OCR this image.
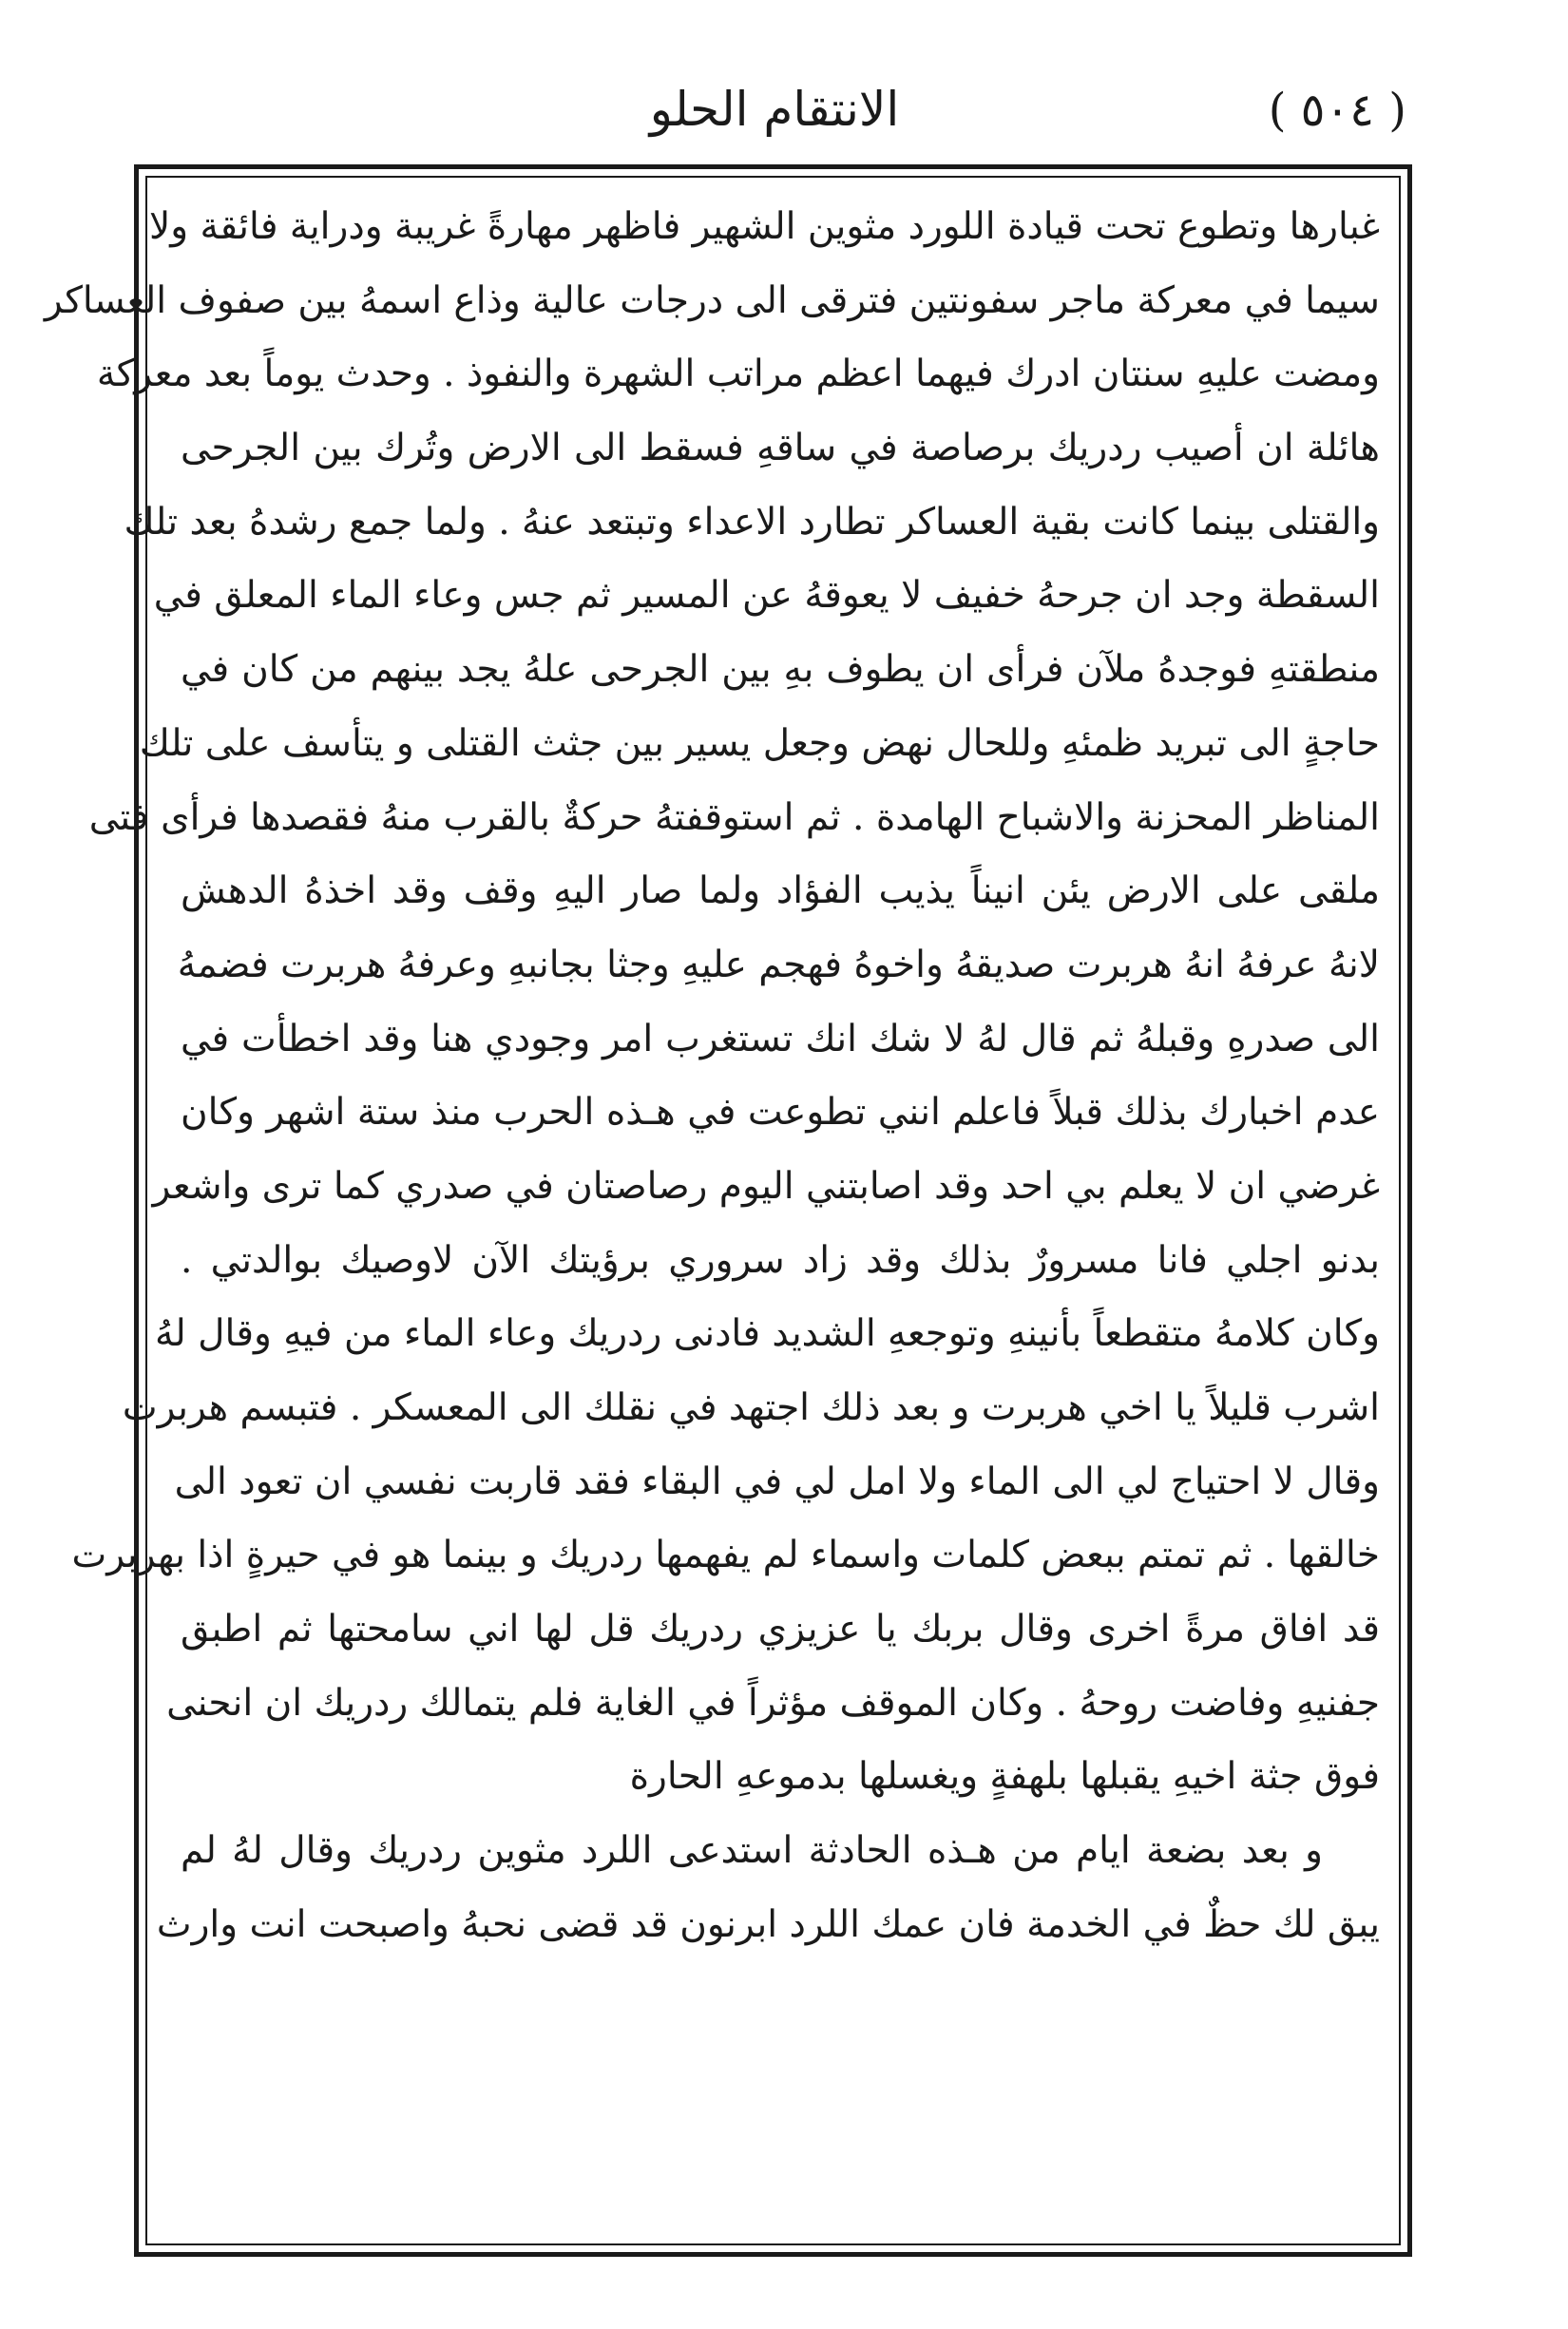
( ٥٠٤ )
الانتقام الحلو
غبارها وتطوع تحت قيادة اللورد مثوين الشهير فاظهر مهارةً غريبة ودراية فائقة ولا
سيما في معركة ماجر سفونتين فترقى الى درجات عالية وذاع اسمهُ بين صفوف العساكر
ومضت عليهِ سنتان ادرك فيهما اعظم مراتب الشهرة والنفوذ . وحدث يوماً بعد معركة
هائلة ان أصيب ردريك برصاصة في ساقهِ فسقط الى الارض وتُرك بين الجرحى
والقتلى بينما كانت بقية العساكر تطارد الاعداء وتبتعد عنهُ . ولما جمع رشدهُ بعد تلك
السقطة وجد ان جرحهُ خفيف لا يعوقهُ عن المسير ثم جس وعاء الماء المعلق في
منطقتهِ فوجدهُ ملآن فرأى ان يطوف بهِ بين الجرحى علهُ يجد بينهم من كان في
حاجةٍ الى تبريد ظمئهِ وللحال نهض وجعل يسير بين جثث القتلى و يتأسف على تلك
المناظر المحزنة والاشباح الهامدة . ثم استوقفتهُ حركةٌ بالقرب منهُ فقصدها فرأى فتى
ملقى على الارض يئن انيناً يذيب الفؤاد ولما صار اليهِ وقف وقد اخذهُ الدهش
لانهُ عرفهُ انهُ هربرت صديقهُ واخوهُ فهجم عليهِ وجثا بجانبهِ وعرفهُ هربرت فضمهُ
الى صدرهِ وقبلهُ ثم قال لهُ لا شك انك تستغرب امر وجودي هنا وقد اخطأت في
عدم اخبارك بذلك قبلاً فاعلم انني تطوعت في هـذه الحرب منذ ستة اشهر وكان
غرضي ان لا يعلم بي احد وقد اصابتني اليوم رصاصتان في صدري كما ترى واشعر
بدنو اجلي فانا مسرورٌ بذلك وقد زاد سروري برؤيتك الآن لاوصيك بوالدتي .
وكان كلامهُ متقطعاً بأنينهِ وتوجعهِ الشديد فادنى ردريك وعاء الماء من فيهِ وقال لهُ
اشرب قليلاً يا اخي هربرت و بعد ذلك اجتهد في نقلك الى المعسكر . فتبسم هربرت
وقال لا احتياج لي الى الماء ولا امل لي في البقاء فقد قاربت نفسي ان تعود الى
خالقها . ثم تمتم ببعض كلمات واسماء لم يفهمها ردريك و بينما هو في حيرةٍ اذا بهربرت
قد افاق مرةً اخرى وقال بربك يا عزيزي ردريك قل لها اني سامحتها ثم اطبق
جفنيهِ وفاضت روحهُ . وكان الموقف مؤثراً في الغاية فلم يتمالك ردريك ان انحنى
فوق جثة اخيهِ يقبلها بلهفةٍ ويغسلها بدموعهِ الحارة
و بعد بضعة ايام من هـذه الحادثة استدعى اللرد مثوين ردريك وقال لهُ لم
يبق لك حظٌ في الخدمة فان عمك اللرد ابرنون قد قضى نحبهُ واصبحت انت وارث
